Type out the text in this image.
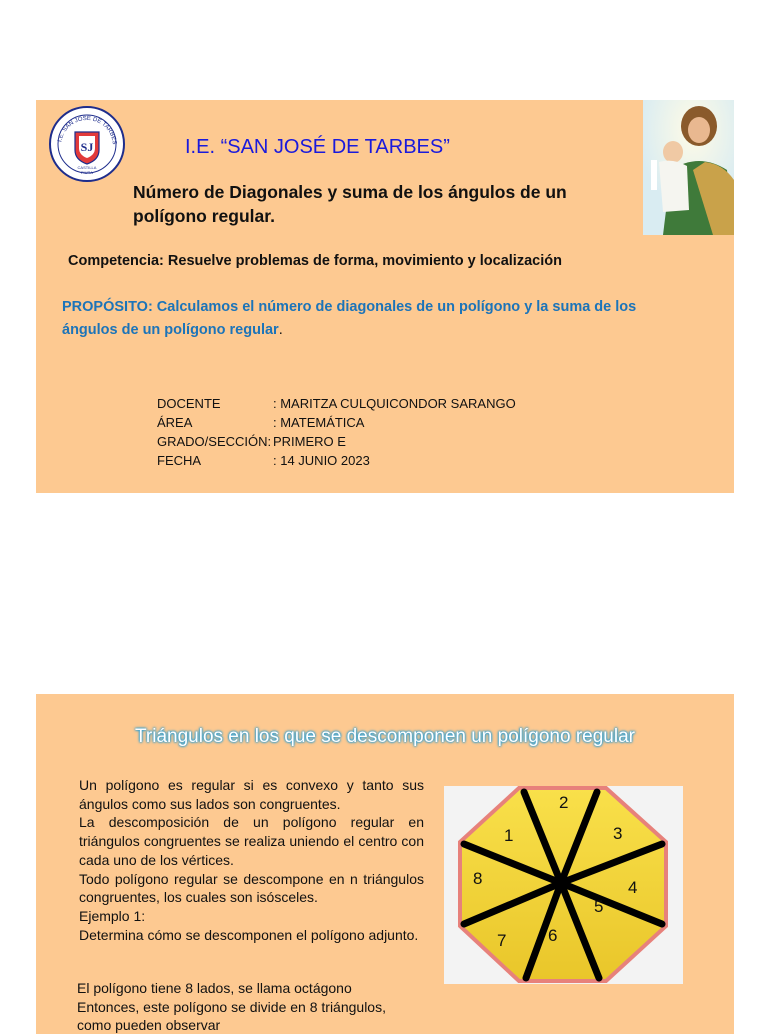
SJ
CASTILLA
PIURA
I.E. SAN JOSE DE TARBES	I.E. “SAN JOSÉ DE TARBES”
Número de Diagonales y suma de los ángulos de un polígono regular.
Competencia: Resuelve problemas de forma, movimiento y localización
PROPÓSITO: Calculamos el número de diagonales de un polígono y la suma de los ángulos de un polígono regular.
DOCENTE	: MARITZA CULQUICONDOR SARANGO
ÁREA	: MATEMÁTICA
GRADO/SECCIÓN: PRIMERO E
FECHA	: 14 JUNIO 2023
Triángulos en los que se descomponen un polígono regular

Un polígono es regular si es convexo y tanto sus ángulos como sus lados son congruentes.

La descomposición de un polígono regular en triángulos congruentes se realiza uniendo el centro con cada uno de los vértices.

Todo polígono regular se descompone en n triángulos congruentes, los cuales son isósceles.

Ejemplo 1:

Determina cómo se descomponen el polígono adjunto.

El polígono tiene 8 lados, se llama octágono

Entonces, este polígono se divide en 8 triángulos,

como pueden observar

1
2
3
4
5
6
7
8
